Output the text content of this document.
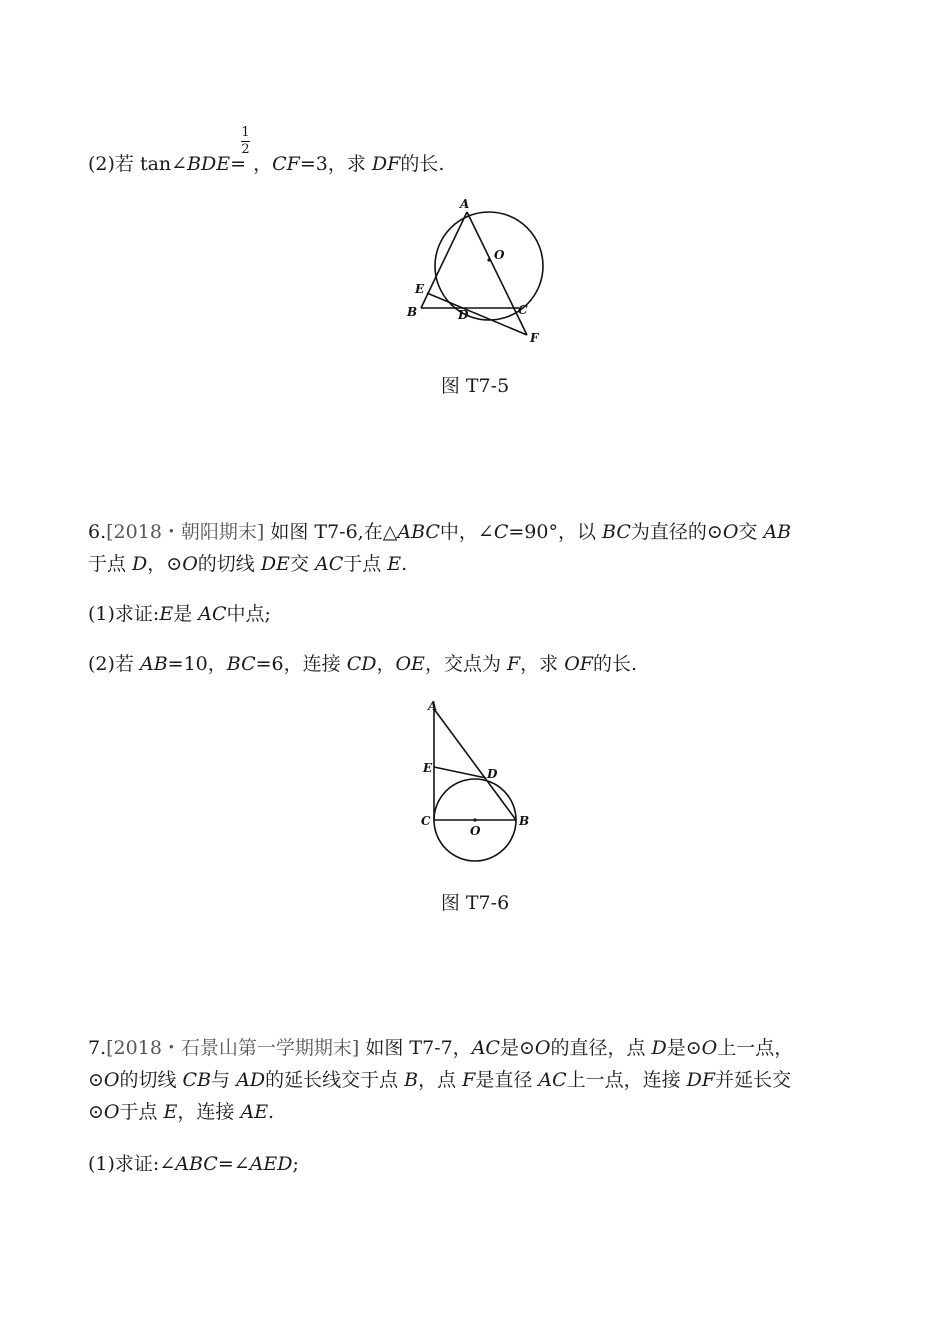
1
2
(2)若 tan∠BDE= ，CF=3，求 DF的长.
A
O
E
B	D	C
F
图 T7-5
6.[2018・朝阳期末] 如图 T7-6,在△ABC中，∠C=90°，以 BC为直径的⊙O交 AB
于点 D，⊙O的切线 DE交 AC于点 E.
(1)求证:E是 AC中点;
(2)若 AB=10，BC=6，连接 CD，OE，交点为 F，求 OF的长.
A
E	D
C
O
B
图 T7-6
7.[2018・石景山第一学期期末] 如图 T7-7，AC是⊙O的直径，点 D是⊙O上一点，
⊙O的切线 CB与 AD的延长线交于点 B，点 F是直径 AC上一点，连接 DF并延长交
⊙O于点 E，连接 AE.
(1)求证:∠ABC=∠AED;
